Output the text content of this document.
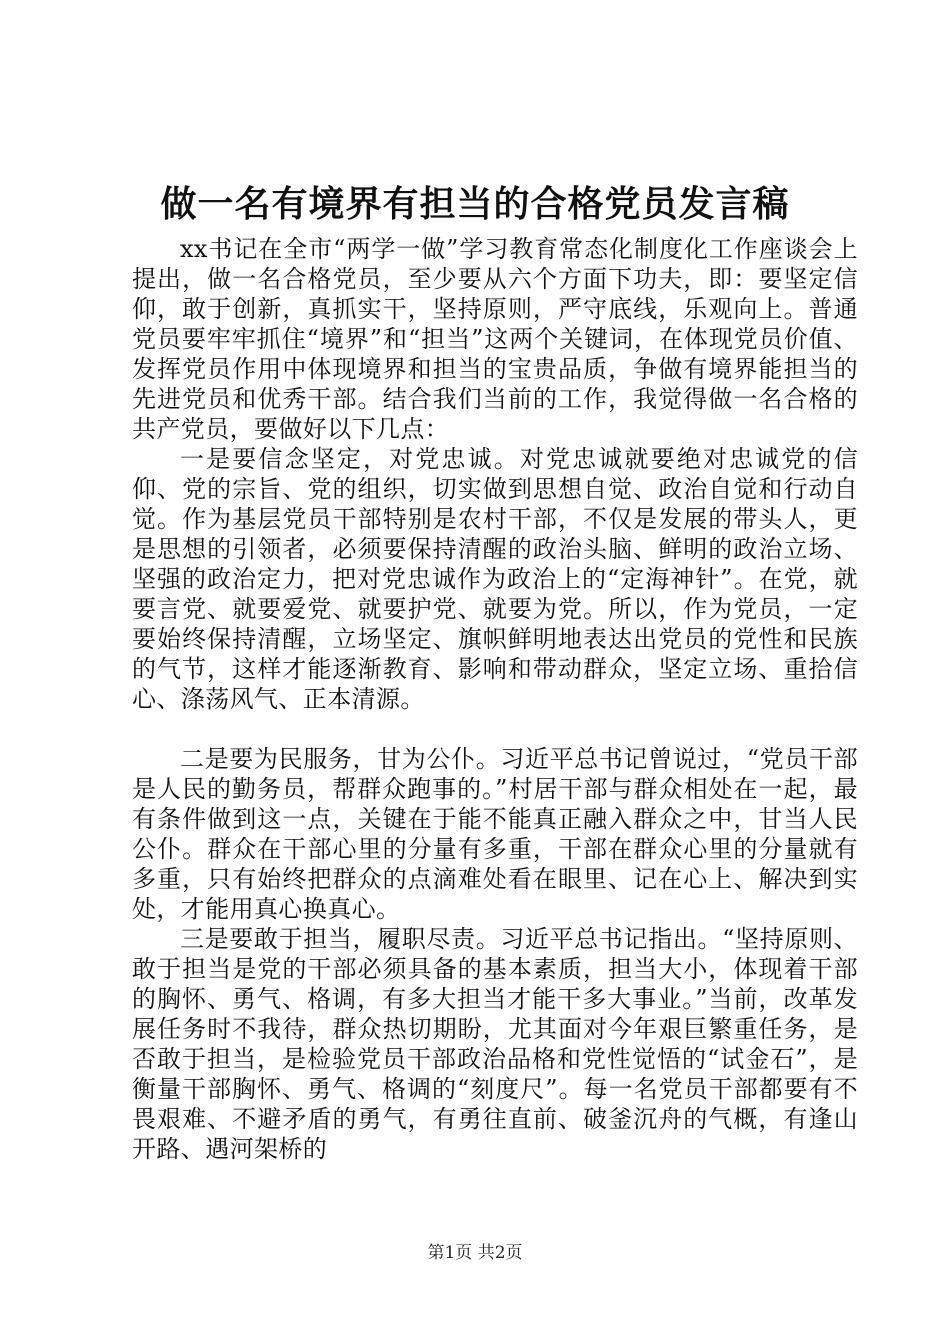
做一名有境界有担当的合格党员发言稿

xx书记在全市“两学一做”学习教育常态化制度化工作座谈会上提出，做一名合格党员，至少要从六个方面下功夫，即：要坚定信仰，敢于创新，真抓实干，坚持原则，严守底线，乐观向上。普通党员要牢牢抓住“境界”和“担当”这两个关键词，在体现党员价值、发挥党员作用中体现境界和担当的宝贵品质，争做有境界能担当的先进党员和优秀干部。结合我们当前的工作，我觉得做一名合格的共产党员，要做好以下几点：

一是要信念坚定，对党忠诚。对党忠诚就要绝对忠诚党的信仰、党的宗旨、党的组织，切实做到思想自觉、政治自觉和行动自觉。作为基层党员干部特别是农村干部，不仅是发展的带头人，更是思想的引领者，必须要保持清醒的政治头脑、鲜明的政治立场、坚强的政治定力，把对党忠诚作为政治上的“定海神针”。在党，就要言党、就要爱党、就要护党、就要为党。所以，作为党员，一定要始终保持清醒，立场坚定、旗帜鲜明地表达出党员的党性和民族的气节，这样才能逐渐教育、影响和带动群众，坚定立场、重拾信心、涤荡风气、正本清源。

二是要为民服务，甘为公仆。习近平总书记曾说过，“党员干部是人民的勤务员，帮群众跑事的。”村居干部与群众相处在一起，最有条件做到这一点，关键在于能不能真正融入群众之中，甘当人民公仆。群众在干部心里的分量有多重，干部在群众心里的分量就有多重，只有始终把群众的点滴难处看在眼里、记在心上、解决到实处，才能用真心换真心。

三是要敢于担当，履职尽责。习近平总书记指出。“坚持原则、敢于担当是党的干部必须具备的基本素质，担当大小，体现着干部的胸怀、勇气、格调，有多大担当才能干多大事业。”当前，改革发展任务时不我待，群众热切期盼，尤其面对今年艰巨繁重任务，是否敢于担当，是检验党员干部政治品格和党性觉悟的“试金石”，是衡量干部胸怀、勇气、格调的“刻度尺”。每一名党员干部都要有不畏艰难、不避矛盾的勇气，有勇往直前、破釜沉舟的气概，有逢山开路、遇河架桥的

第1页 共2页
